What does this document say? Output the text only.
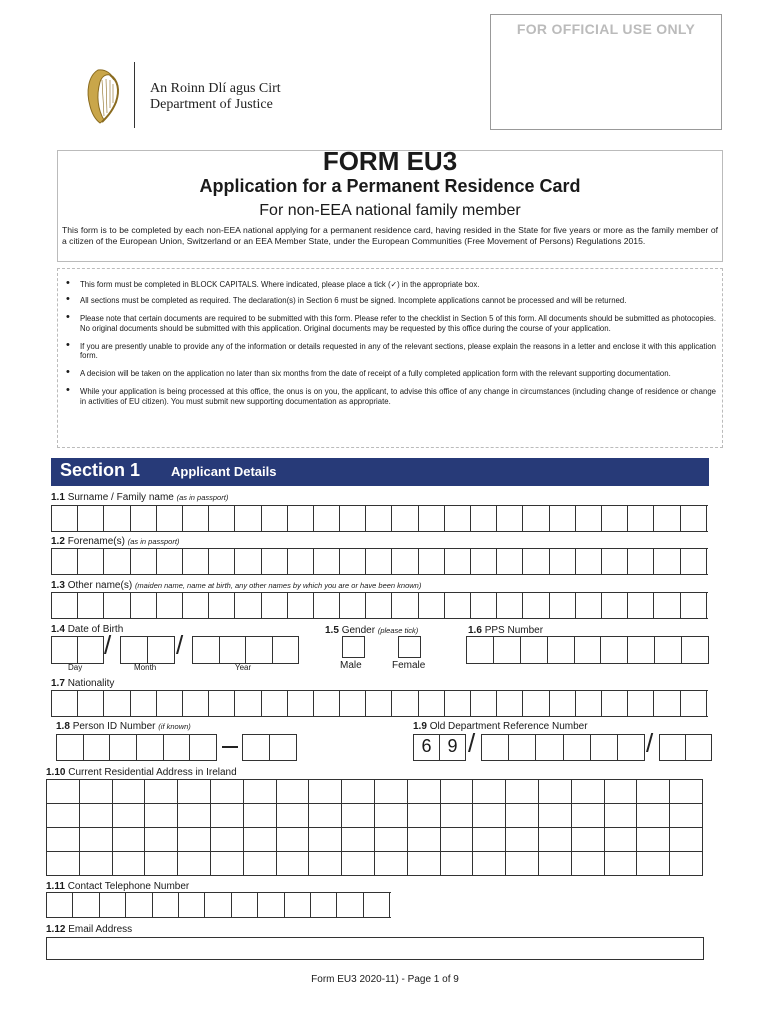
FOR OFFICIAL USE ONLY
An Roinn Dlí agus Cirt
Department of Justice
FORM EU3
Application for a Permanent Residence Card
For non-EEA national family member
This form is to be completed by each non-EEA national applying for a permanent residence card, having resided in the State for five years or more as the family member of a citizen of the European Union, Switzerland or an EEA Member State, under the European Communities (Free Movement of Persons) Regulations 2015.
• This form must be completed in BLOCK CAPITALS. Where indicated, please place a tick (✓) in the appropriate box.
• All sections must be completed as required. The declaration(s) in Section 6 must be signed. Incomplete applications cannot be processed and will be returned.
• Please note that certain documents are required to be submitted with this form. Please refer to the checklist in Section 5 of this form. All documents should be submitted as photocopies. No original documents should be submitted with this application. Original documents may be requested by this office during the course of your application.
• If you are presently unable to provide any of the information or details requested in any of the relevant sections, please explain the reasons in a letter and enclose it with this application form.
• A decision will be taken on the application no later than six months from the date of receipt of a fully completed application form with the relevant supporting documentation.
• While your application is being processed at this office, the onus is on you, the applicant, to advise this office of any change in circumstances (including change of residence or change in activities of EU citizen). You must submit new supporting documentation as appropriate.
Section 1 Applicant Details
1.1 Surname / Family name (as in passport)
1.2 Forename(s) (as in passport)
1.3 Other name(s) (maiden name, name at birth, any other names by which you are or have been known)
1.4 Date of Birth
/ /
Day	Month	Year
1.5 Gender (please tick)
Male	Female
1.6 PPS Number
1.7 Nationality
1.8 Person ID Number (if known)	1.9 Old Department Reference Number
6 9 /	/
1.10 Current Residential Address in Ireland
1.11 Contact Telephone Number
1.12 Email Address
Form EU3 2020-11) - Page 1 of 9
